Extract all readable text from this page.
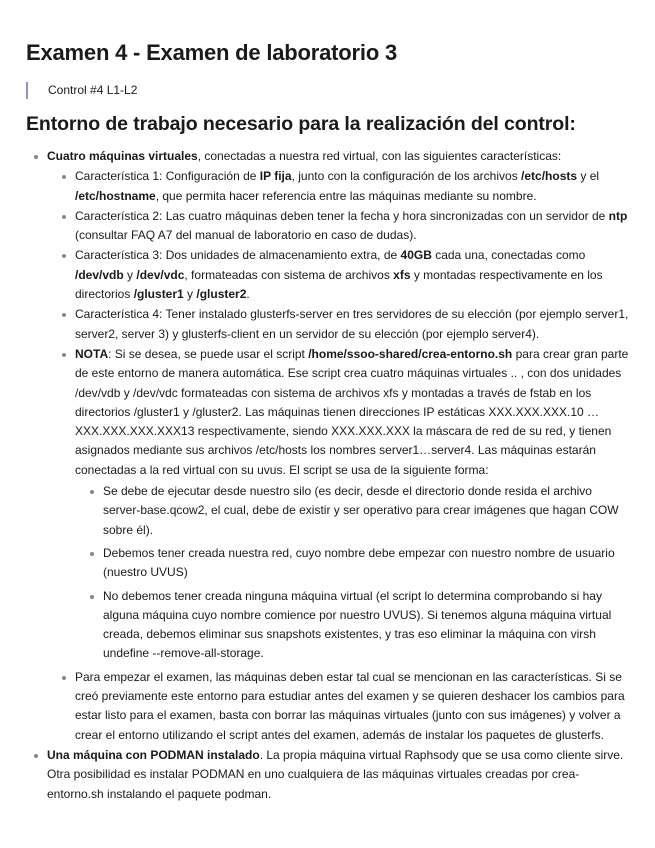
Examen 4 - Examen de laboratorio 3
Control #4 L1-L2
Entorno de trabajo necesario para la realización del control:
Cuatro máquinas virtuales, conectadas a nuestra red virtual, con las siguientes características:
Característica 1: Configuración de IP fija, junto con la configuración de los archivos /etc/hosts y el /etc/hostname, que permita hacer referencia entre las máquinas mediante su nombre.
Característica 2: Las cuatro máquinas deben tener la fecha y hora sincronizadas con un servidor de ntp (consultar FAQ A7 del manual de laboratorio en caso de dudas).
Característica 3: Dos unidades de almacenamiento extra, de 40GB cada una, conectadas como /dev/vdb y /dev/vdc, formateadas con sistema de archivos xfs y montadas respectivamente en los directorios /gluster1 y /gluster2.
Característica 4: Tener instalado glusterfs-server en tres servidores de su elección (por ejemplo server1, server2, server 3) y glusterfs-client en un servidor de su elección (por ejemplo server4).
NOTA: Si se desea, se puede usar el script /home/ssoo-shared/crea-entorno.sh para crear gran parte de este entorno de manera automática. Ese script crea cuatro máquinas virtuales .. , con dos unidades /dev/vdb y /dev/vdc formateadas con sistema de archivos xfs y montadas a través de fstab en los directorios /gluster1 y /gluster2. Las máquinas tienen direcciones IP estáticas XXX.XXX.XXX.10 … XXX.XXX.XXX.XXX13 respectivamente, siendo XXX.XXX.XXX la máscara de red de su red, y tienen asignados mediante sus archivos /etc/hosts los nombres server1…server4. Las máquinas estarán conectadas a la red virtual con su uvus. El script se usa de la siguiente forma:
Se debe de ejecutar desde nuestro silo (es decir, desde el directorio donde resida el archivo server-base.qcow2, el cual, debe de existir y ser operativo para crear imágenes que hagan COW sobre él).
Debemos tener creada nuestra red, cuyo nombre debe empezar con nuestro nombre de usuario (nuestro UVUS)
No debemos tener creada ninguna máquina virtual (el script lo determina comprobando si hay alguna máquina cuyo nombre comience por nuestro UVUS). Si tenemos alguna máquina virtual creada, debemos eliminar sus snapshots existentes, y tras eso eliminar la máquina con virsh undefine --remove-all-storage.
Para empezar el examen, las máquinas deben estar tal cual se mencionan en las características. Si se creó previamente este entorno para estudiar antes del examen y se quieren deshacer los cambios para estar listo para el examen, basta con borrar las máquinas virtuales (junto con sus imágenes) y volver a crear el entorno utilizando el script antes del examen, además de instalar los paquetes de glusterfs.
Una máquina con PODMAN instalado. La propia máquina virtual Raphsody que se usa como cliente sirve. Otra posibilidad es instalar PODMAN en uno cualquiera de las máquinas virtuales creadas por crea-entorno.sh instalando el paquete podman.
